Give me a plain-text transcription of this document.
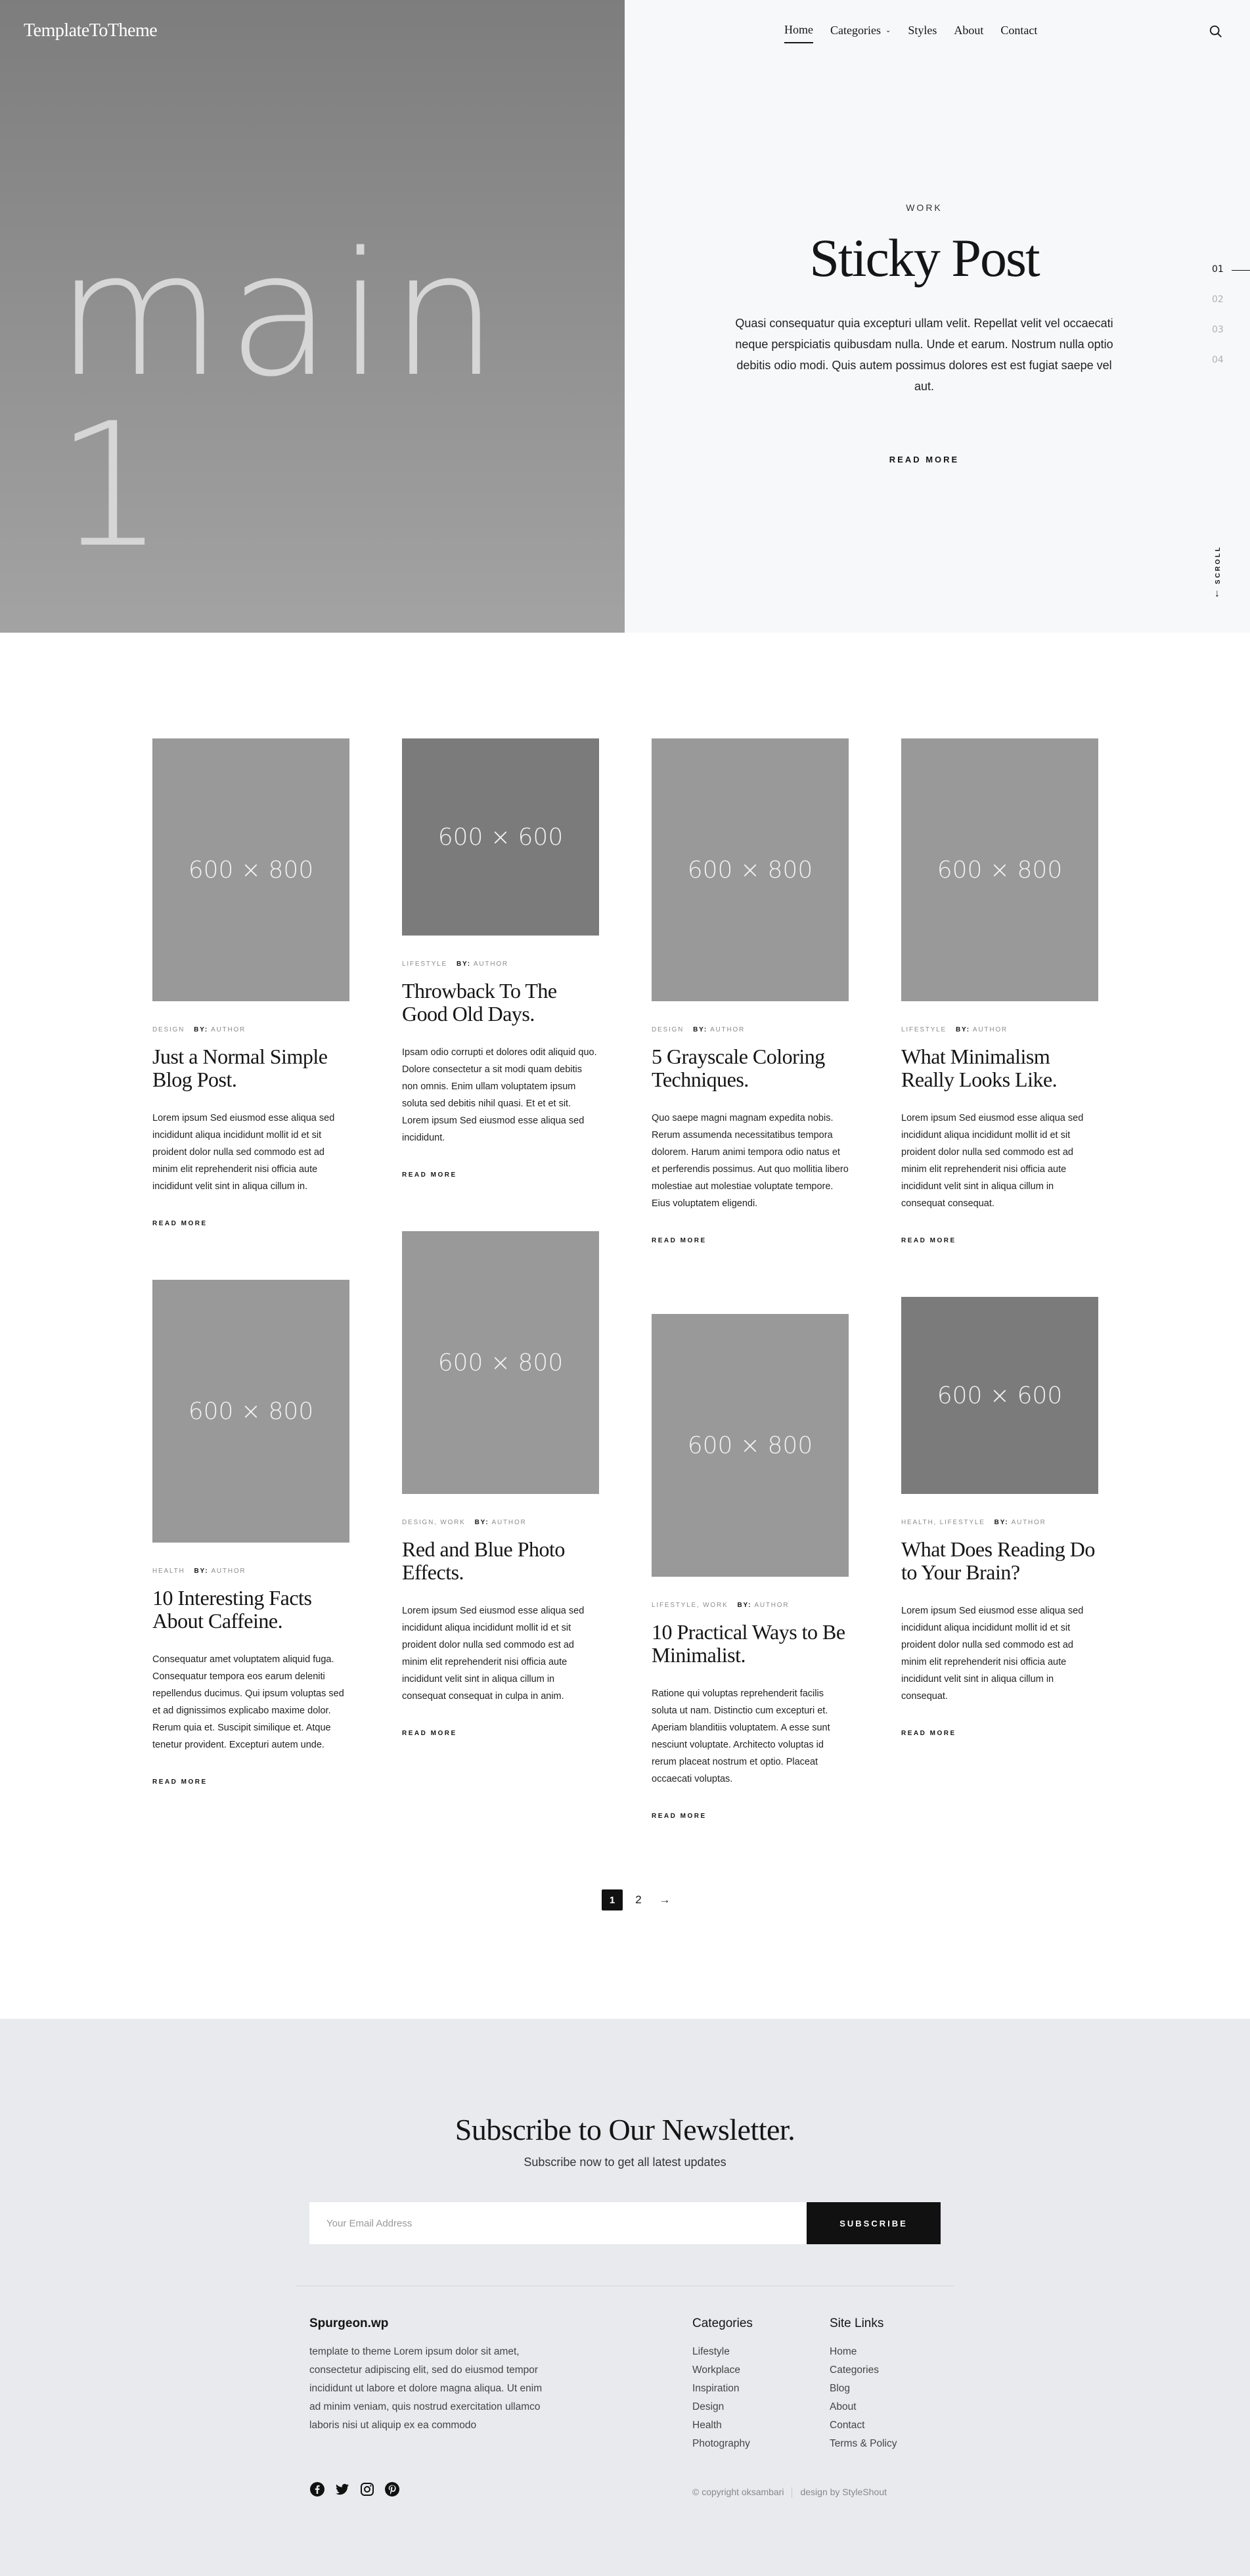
main 1
TemplateToTheme	Home Categories ⌄ Styles About Contact
WORK
Sticky Post

Quasi consequatur quia excepturi ullam velit. Repellat velit vel occaecati neque perspiciatis quibusdam nulla. Unde et earum. Nostrum nulla optio debitis odio modi. Quis autem possimus dolores est est fugiat saepe vel aut.

READ MORE
01
02
03
04
SCROLL
↓
600 × 800
DESIGN BY: AUTHOR
Just a Normal Simple Blog Post.

Lorem ipsum Sed eiusmod esse aliqua sed incididunt aliqua incididunt mollit id et sit proident dolor nulla sed commodo est ad minim elit reprehenderit nisi officia aute incididunt velit sint in aliqua cillum in.

READ MORE
600 × 600
LIFESTYLE BY: AUTHOR
Throwback To The Good Old Days.

Ipsam odio corrupti et dolores odit aliquid quo. Dolore consectetur a sit modi quam debitis non omnis. Enim ullam voluptatem ipsum soluta sed debitis nihil quasi. Et et et sit. Lorem ipsum Sed eiusmod esse aliqua sed incididunt.

READ MORE
600 × 800
DESIGN BY: AUTHOR
5 Grayscale Coloring Techniques.

Quo saepe magni magnam expedita nobis. Rerum assumenda necessitatibus tempora dolorem. Harum animi tempora odio natus et et perferendis possimus. Aut quo mollitia libero molestiae aut molestiae voluptate tempore. Eius voluptatem eligendi.

READ MORE
600 × 800
LIFESTYLE BY: AUTHOR
What Minimalism Really Looks Like.

Lorem ipsum Sed eiusmod esse aliqua sed incididunt aliqua incididunt mollit id et sit proident dolor nulla sed commodo est ad minim elit reprehenderit nisi officia aute incididunt velit sint in aliqua cillum in consequat consequat.

READ MORE
600 × 800
HEALTH BY: AUTHOR
10 Interesting Facts About Caffeine.

Consequatur amet voluptatem aliquid fuga. Consequatur tempora eos earum deleniti repellendus ducimus. Qui ipsum voluptas sed et ad dignissimos explicabo maxime dolor. Rerum quia et. Suscipit similique et. Atque tenetur provident. Excepturi autem unde.

READ MORE
600 × 800
DESIGN, WORK BY: AUTHOR
Red and Blue Photo Effects.

Lorem ipsum Sed eiusmod esse aliqua sed incididunt aliqua incididunt mollit id et sit proident dolor nulla sed commodo est ad minim elit reprehenderit nisi officia aute incididunt velit sint in aliqua cillum in consequat consequat in culpa in anim.

READ MORE
600 × 800
LIFESTYLE, WORK BY: AUTHOR
10 Practical Ways to Be Minimalist.

Ratione qui voluptas reprehenderit facilis soluta ut nam. Distinctio cum excepturi et. Aperiam blanditiis voluptatem. A esse sunt nesciunt voluptate. Architecto voluptas id rerum placeat nostrum et optio. Placeat occaecati voluptas.

READ MORE
600 × 600
HEALTH, LIFESTYLE BY: AUTHOR
What Does Reading Do to Your Brain?

Lorem ipsum Sed eiusmod esse aliqua sed incididunt aliqua incididunt mollit id et sit proident dolor nulla sed commodo est ad minim elit reprehenderit nisi officia aute incididunt velit sint in aliqua cillum in consequat.

READ MORE
1	2	→
Subscribe to Our Newsletter.
Subscribe now to get all latest updates
Your Email Address
SUBSCRIBE
Spurgeon.wp

template to theme Lorem ipsum dolor sit amet, consectetur adipiscing elit, sed do eiusmod tempor incididunt ut labore et dolore magna aliqua. Ut enim ad minim veniam, quis nostrud exercitation ullamco laboris nisi ut aliquip ex ea commodo

Categories
Lifestyle
Workplace
Inspiration
Design
Health
Photography
Site Links
Home
Categories
Blog
About
Contact
Terms & Policy
© copyright oksambari design by StyleShout
